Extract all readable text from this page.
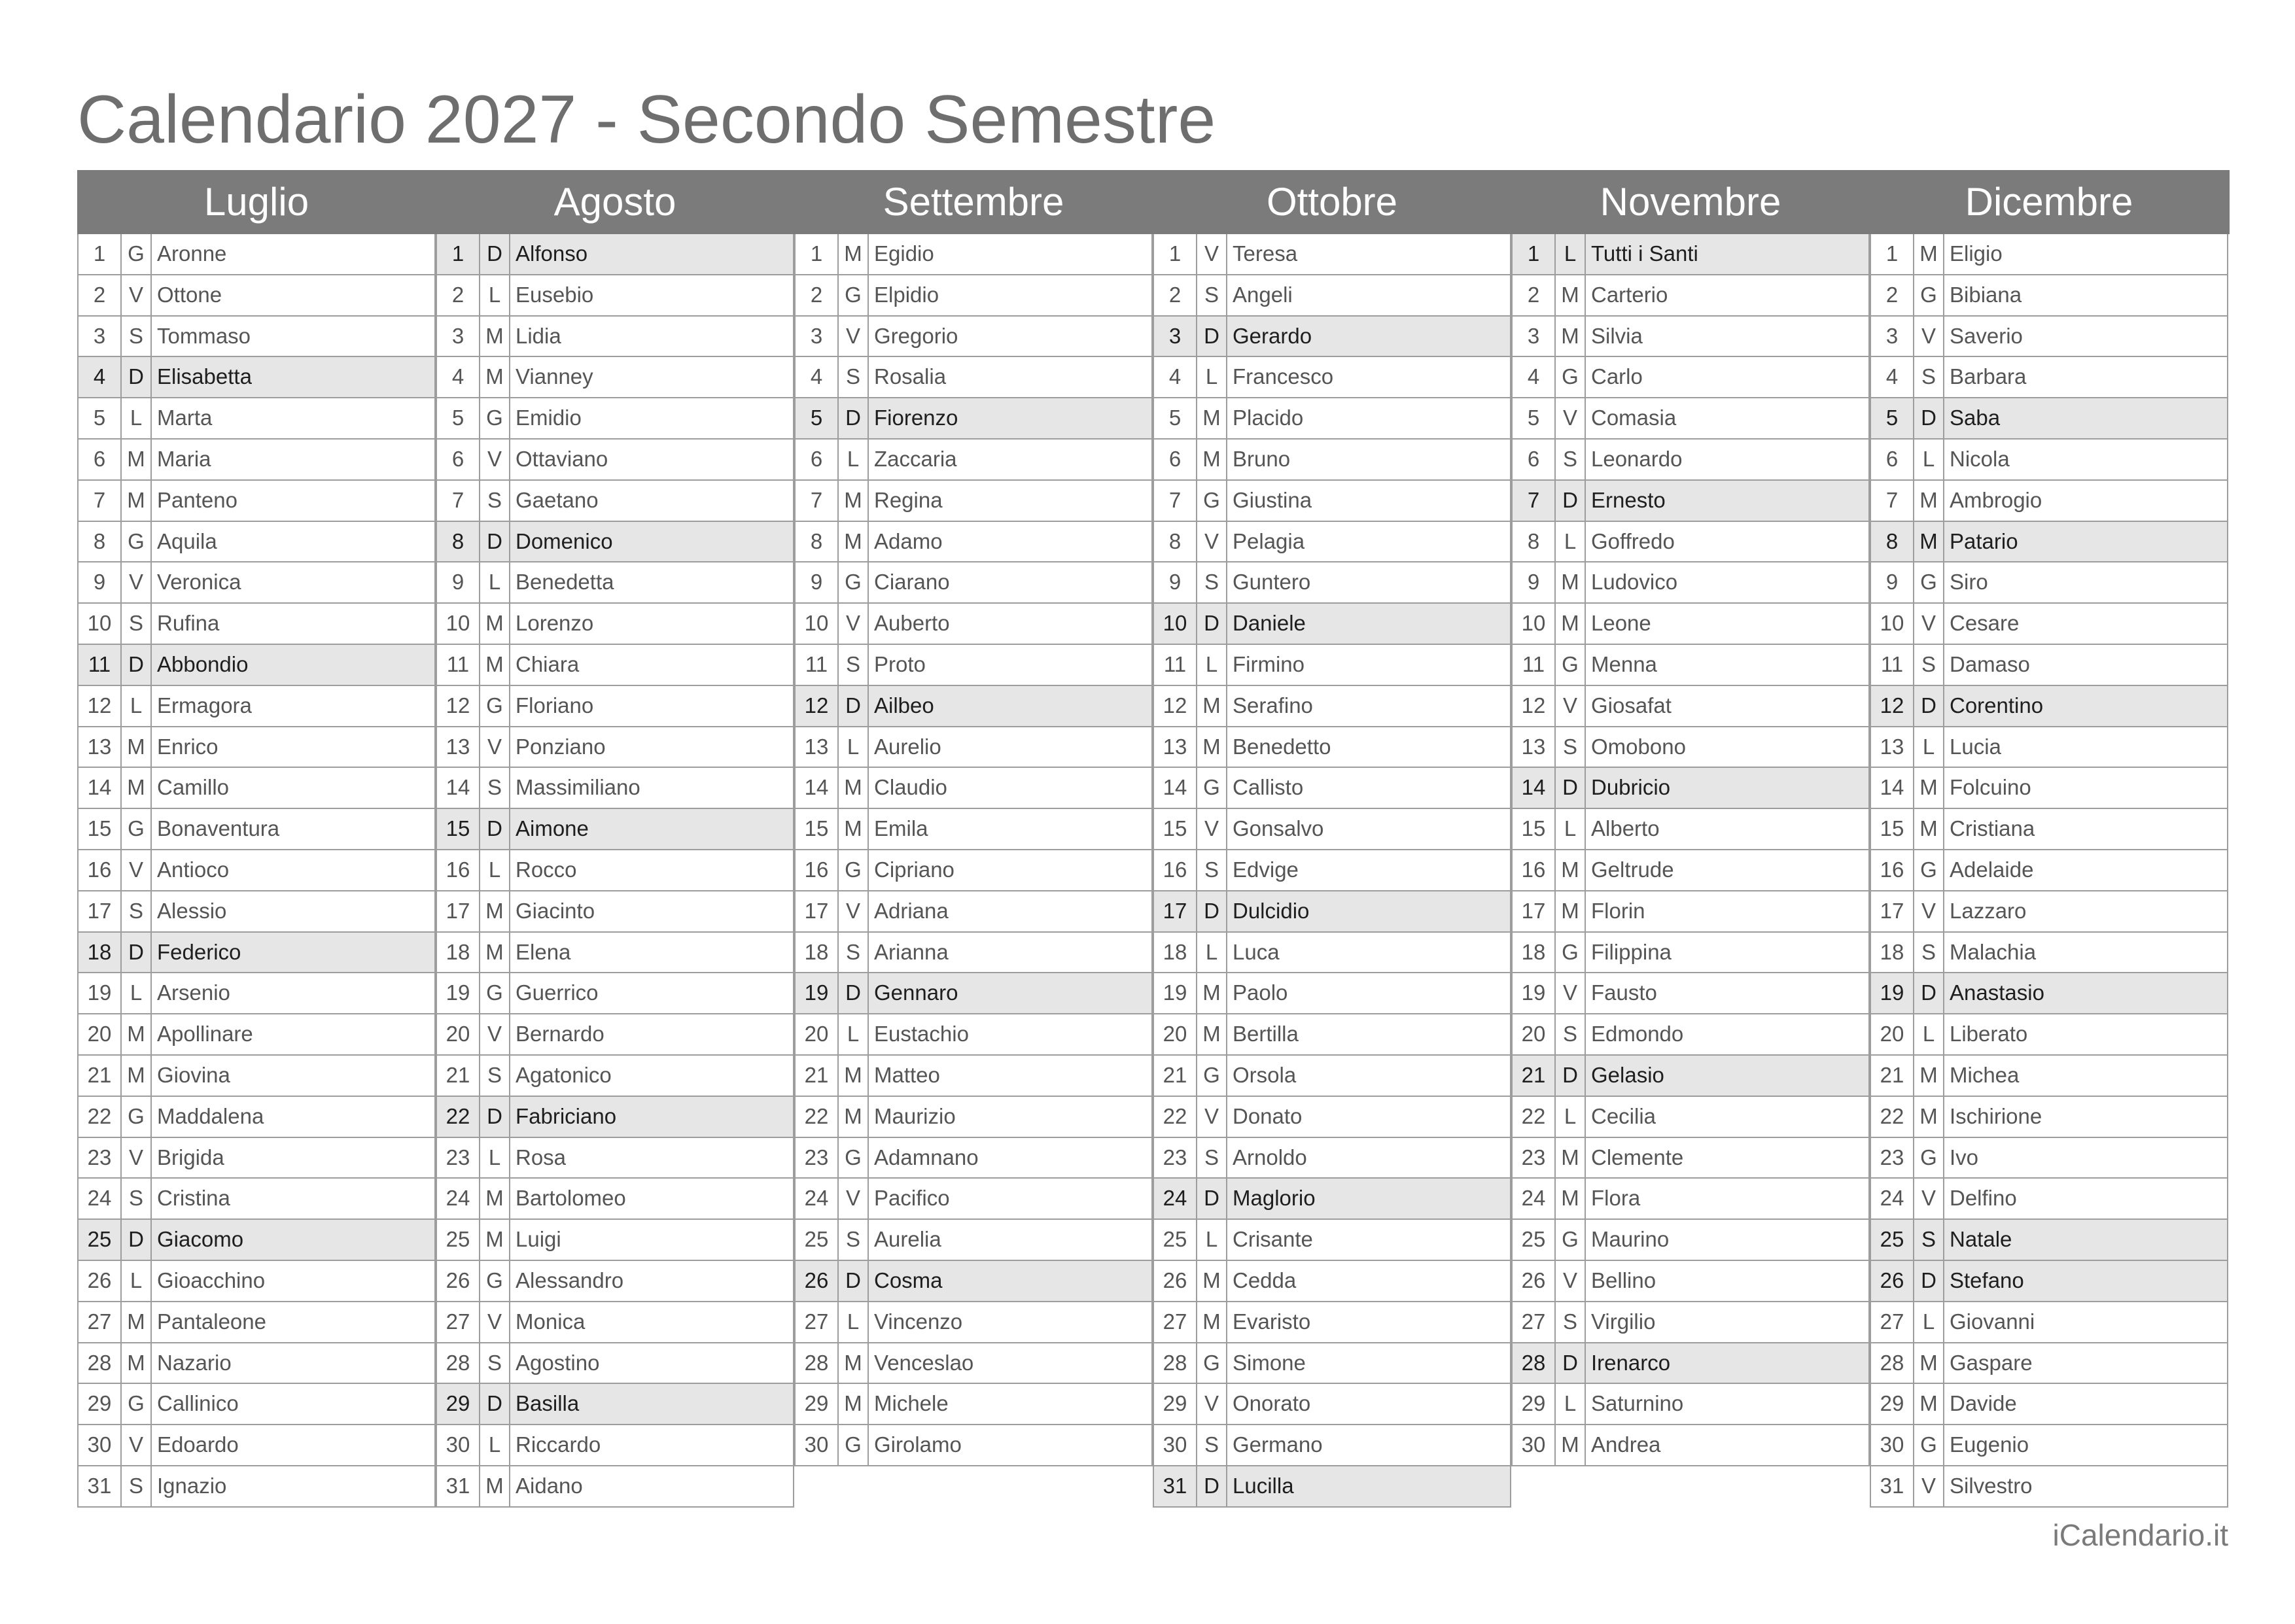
Calendario 2027 - Secondo Semestre
Luglio	Agosto	Settembre	Ottobre	Novembre	Dicembre
1	G Aronne
2	V Ottone
3	S Tommaso
4	D Elisabetta
5	L Marta
6	M Maria
7	M Panteno
8	G Aquila
9	V Veronica
10 S Rufina
11 D Abbondio
12 L Ermagora
13 M Enrico
14 M Camillo
15 G Bonaventura
16 V Antioco
17 S Alessio
18 D Federico
19 L Arsenio
20 M Apollinare
21 M Giovina
22 G Maddalena
23 V Brigida
24 S Cristina
25 D Giacomo
26 L Gioacchino
27 M Pantaleone
28 M Nazario
29 G Callinico
30 V Edoardo
31 S Ignazio
1	D Alfonso
2	L Eusebio
3	M Lidia
4	M Vianney
5	G Emidio
6	V Ottaviano
7	S Gaetano
8	D Domenico
9	L Benedetta
10 M Lorenzo
11 M Chiara
12 G Floriano
13 V Ponziano
14 S Massimiliano
15 D Aimone
16 L Rocco
17 M Giacinto
18 M Elena
19 G Guerrico
20 V Bernardo
21 S Agatonico
22 D Fabriciano
23 L Rosa
24 M Bartolomeo
25 M Luigi
26 G Alessandro
27 V Monica
28 S Agostino
29 D Basilla
30 L Riccardo
31 M Aidano
1	M Egidio
2	G Elpidio
3	V Gregorio
4	S Rosalia
5	D Fiorenzo
6	L Zaccaria
7	M Regina
8	M Adamo
9	G Ciarano
10 V Auberto
11 S Proto
12 D Ailbeo
13 L Aurelio
14 M Claudio
15 M Emila
16 G Cipriano
17 V Adriana
18 S Arianna
19 D Gennaro
20 L Eustachio
21 M Matteo
22 M Maurizio
23 G Adamnano
24 V Pacifico
25 S Aurelia
26 D Cosma
27 L Vincenzo
28 M Venceslao
29 M Michele
30 G Girolamo
1	V Teresa
2	S Angeli
3	D Gerardo
4	L Francesco
5	M Placido
6	M Bruno
7	G Giustina
8	V Pelagia
9	S Guntero
10 D Daniele
11 L Firmino
12 M Serafino
13 M Benedetto
14 G Callisto
15 V Gonsalvo
16 S Edvige
17 D Dulcidio
18 L Luca
19 M Paolo
20 M Bertilla
21 G Orsola
22 V Donato
23 S Arnoldo
24 D Maglorio
25 L Crisante
26 M Cedda
27 M Evaristo
28 G Simone
29 V Onorato
30 S Germano
31 D Lucilla
1	L Tutti i Santi
2	M Carterio
3	M Silvia
4	G Carlo
5	V Comasia
6	S Leonardo
7	D Ernesto
8	L Goffredo
9	M Ludovico
10 M Leone
11 G Menna
12 V Giosafat
13 S Omobono
14 D Dubricio
15 L Alberto
16 M Geltrude
17 M Florin
18 G Filippina
19 V Fausto
20 S Edmondo
21 D Gelasio
22 L Cecilia
23 M Clemente
24 M Flora
25 G Maurino
26 V Bellino
27 S Virgilio
28 D Irenarco
29 L Saturnino
30 M Andrea
1	M Eligio
2	G Bibiana
3	V Saverio
4	S Barbara
5	D Saba
6	L Nicola
7	M Ambrogio
8	M Patario
9	G Siro
10 V Cesare
11 S Damaso
12 D Corentino
13 L Lucia
14 M Folcuino
15 M Cristiana
16 G Adelaide
17 V Lazzaro
18 S Malachia
19 D Anastasio
20 L Liberato
21 M Michea
22 M Ischirione
23 G Ivo
24 V Delfino
25 S Natale
26 D Stefano
27 L Giovanni
28 M Gaspare
29 M Davide
30 G Eugenio
31 V Silvestro
iCalendario.it
